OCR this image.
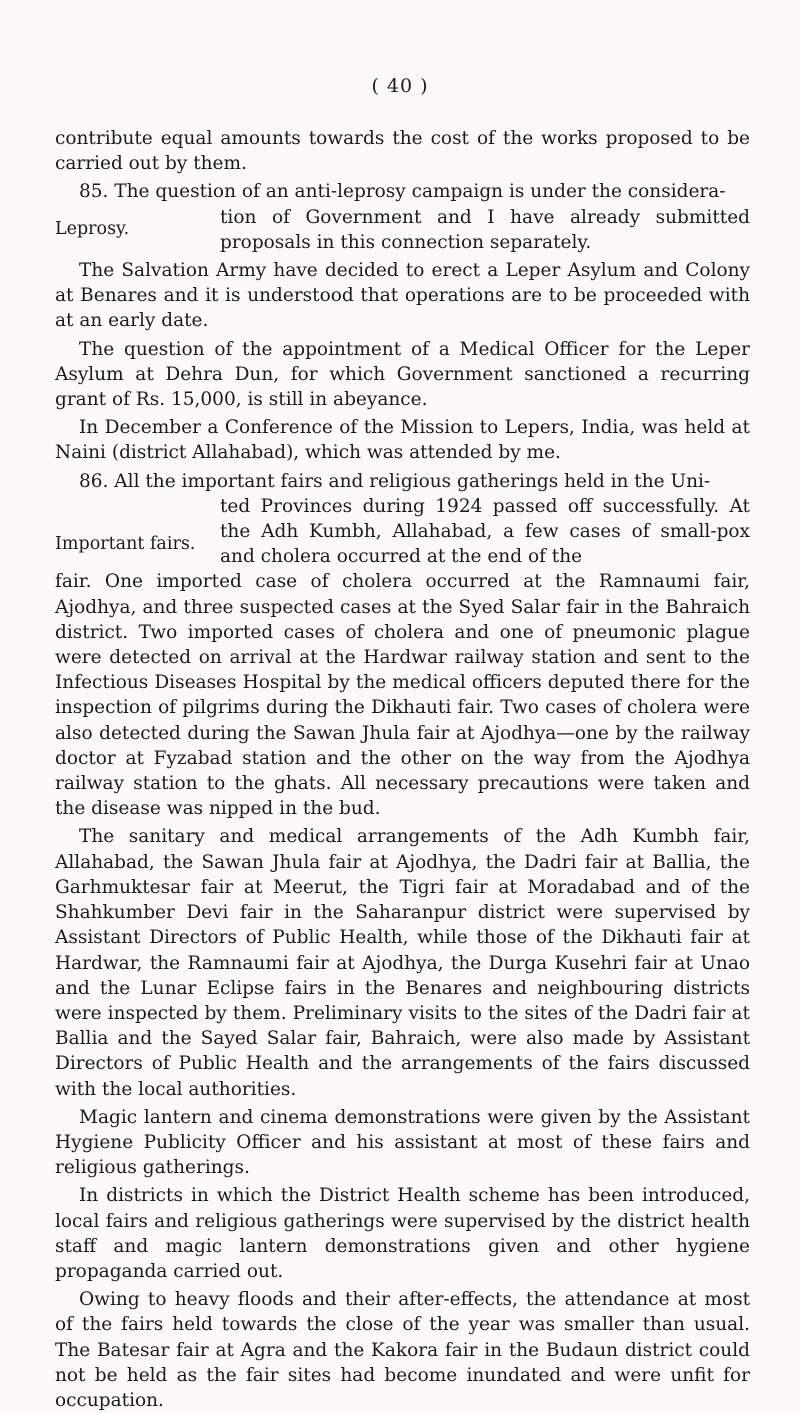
( 40 )

contribute equal amounts towards the cost of the works proposed to be carried out by them.

85. The question of an anti-leprosy campaign is under the considera-
Leprosy.
tion of Government and I have already submitted proposals in this connection separately.

The Salvation Army have decided to erect a Leper Asylum and Colony at Benares and it is understood that operations are to be proceeded with at an early date.

The question of the appointment of a Medical Officer for the Leper Asylum at Dehra Dun, for which Government sanctioned a recurring grant of Rs. 15,000, is still in abeyance.

In December a Conference of the Mission to Lepers, India, was held at Naini (district Allahabad), which was attended by me.

86. All the important fairs and religious gatherings held in the Uni-
Important fairs.
ted Provinces during 1924 passed off successfully. At the Adh Kumbh, Allahabad, a few cases of small-pox and cholera occurred at the end of the

fair. One imported case of cholera occurred at the Ramnaumi fair, Ajodhya, and three suspected cases at the Syed Salar fair in the Bahraich district. Two imported cases of cholera and one of pneumonic plague were detected on arrival at the Hardwar railway station and sent to the Infectious Diseases Hospital by the medical officers deputed there for the inspection of pilgrims during the Dikhauti fair. Two cases of cholera were also detected during the Sawan Jhula fair at Ajodhya—one by the railway doctor at Fyzabad station and the other on the way from the Ajodhya railway station to the ghats. All necessary precautions were taken and the disease was nipped in the bud.

The sanitary and medical arrangements of the Adh Kumbh fair, Allahabad, the Sawan Jhula fair at Ajodhya, the Dadri fair at Ballia, the Garhmuktesar fair at Meerut, the Tigri fair at Moradabad and of the Shahkumber Devi fair in the Saharanpur district were supervised by Assistant Directors of Public Health, while those of the Dikhauti fair at Hardwar, the Ramnaumi fair at Ajodhya, the Durga Kusehri fair at Unao and the Lunar Eclipse fairs in the Benares and neighbouring districts were inspected by them. Preliminary visits to the sites of the Dadri fair at Ballia and the Sayed Salar fair, Bahraich, were also made by Assistant Directors of Public Health and the arrangements of the fairs discussed with the local authorities.

Magic lantern and cinema demonstrations were given by the Assistant Hygiene Publicity Officer and his assistant at most of these fairs and religious gatherings.

In districts in which the District Health scheme has been introduced, local fairs and religious gatherings were supervised by the district health staff and magic lantern demonstrations given and other hygiene propaganda carried out.

Owing to heavy floods and their after-effects, the attendance at most of the fairs held towards the close of the year was smaller than usual. The Batesar fair at Agra and the Kakora fair in the Budaun district could not be held as the fair sites had become inundated and were unfit for occupation.
